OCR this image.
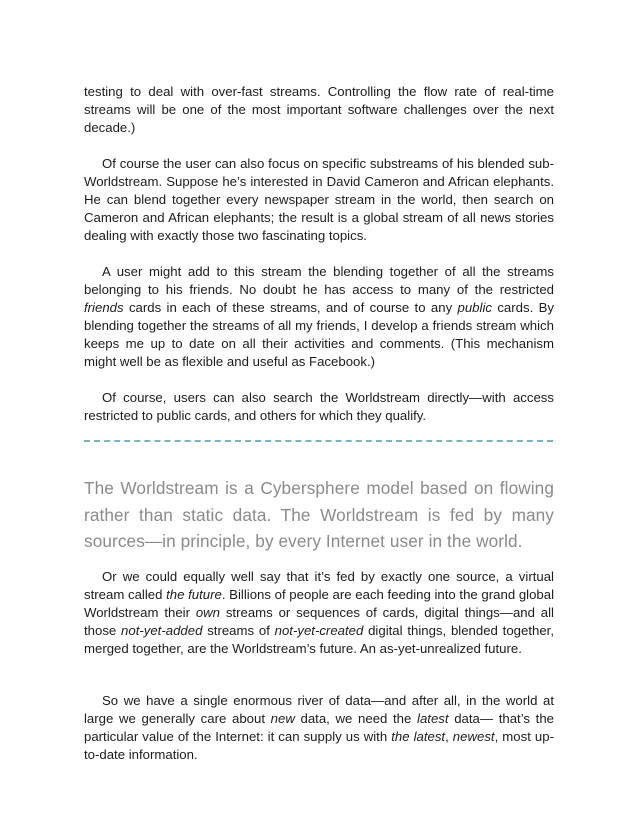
testing to deal with over-fast streams. Controlling the flow rate of real-time streams will be one of the most important software challenges over the next decade.)
Of course the user can also focus on specific substreams of his blended sub-Worldstream. Suppose he’s interested in David Cameron and African elephants. He can blend together every newspaper stream in the world, then search on Cameron and African elephants; the result is a global stream of all news stories dealing with exactly those two fascinating topics.
A user might add to this stream the blending together of all the streams belonging to his friends. No doubt he has access to many of the restricted friends cards in each of these streams, and of course to any public cards. By blending together the streams of all my friends, I develop a friends stream which keeps me up to date on all their activities and comments. (This mechanism might well be as flexible and useful as Facebook.)
Of course, users can also search the Worldstream directly—with access restricted to public cards, and others for which they qualify.

The Worldstream is a Cybersphere model based on flowing rather than static data. The Worldstream is fed by many sources—in principle, by every Internet user in the world.

Or we could equally well say that it’s fed by exactly one source, a virtual stream called the future. Billions of people are each feeding into the grand global Worldstream their own streams or sequences of cards, digital things—and all those not-yet-added streams of not-yet-created digital things, blended together, merged together, are the Worldstream’s future. An as-yet-unrealized future.
So we have a single enormous river of data—and after all, in the world at large we generally care about new data, we need the latest data— that’s the particular value of the Internet: it can supply us with the latest, newest, most up-to-date information.
